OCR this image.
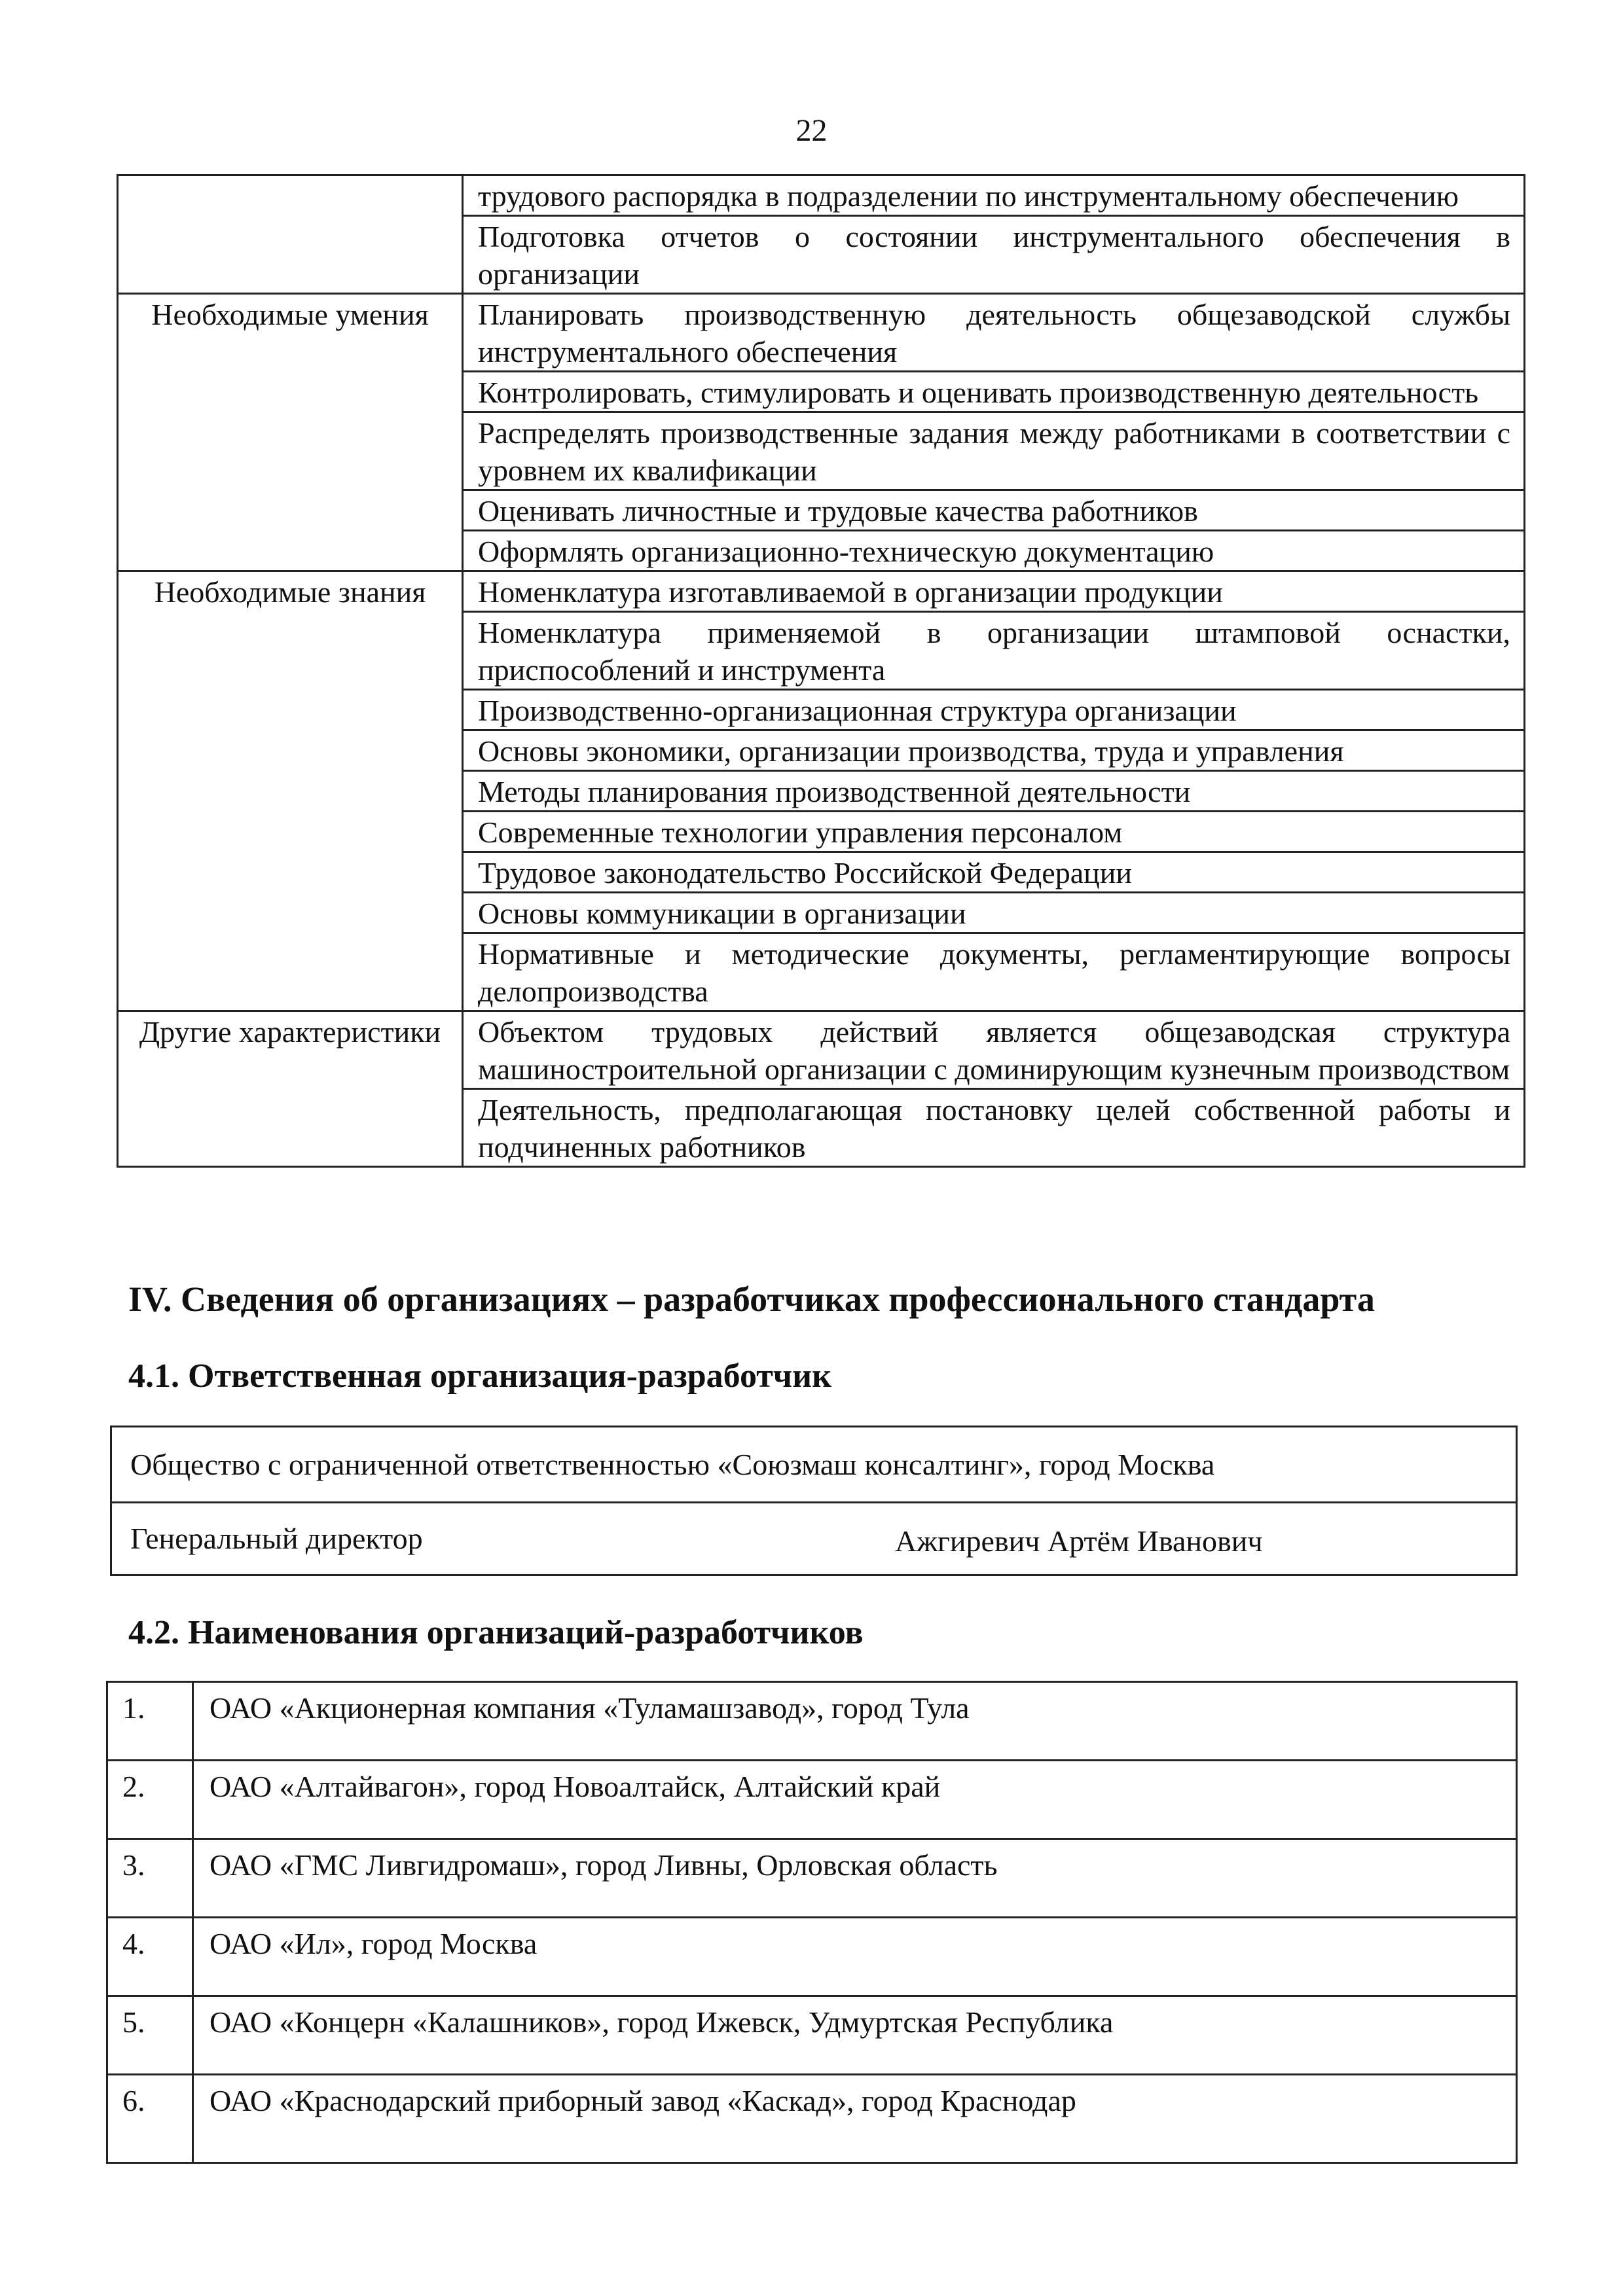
22
	трудового распорядка в подразделении по инструментальному обеспечению
	Подготовка отчетов о состоянии инструментального обеспечения в организации
Необходимые умения	Планировать производственную деятельность общезаводской службы инструментального обеспечения
	Контролировать, стимулировать и оценивать производственную деятельность
	Распределять производственные задания между работниками в соответствии с уровнем их квалификации
	Оценивать личностные и трудовые качества работников
	Оформлять организационно-техническую документацию
Необходимые знания	Номенклатура изготавливаемой в организации продукции
	Номенклатура применяемой в организации штамповой оснастки, приспособлений и инструмента
	Производственно-организационная структура организации
	Основы экономики, организации производства, труда и управления
	Методы планирования производственной деятельности
	Современные технологии управления персоналом
	Трудовое законодательство Российской Федерации
	Основы коммуникации в организации
	Нормативные и методические документы, регламентирующие вопросы делопроизводства
Другие характеристики	Объектом трудовых действий является общезаводская структура машиностроительной организации с доминирующим кузнечным производством
	Деятельность, предполагающая постановку целей собственной работы и подчиненных работников
IV. Сведения об организациях – разработчиках профессионального стандарта
4.1. Ответственная организация-разработчик
Общество с ограниченной ответственностью «Союзмаш консалтинг», город Москва
Генеральный директор	Ажгиревич Артём Иванович
4.2. Наименования организаций-разработчиков
1.	ОАО «Акционерная компания «Туламашзавод», город Тула
2.	ОАО «Алтайвагон», город Новоалтайск, Алтайский край
3.	ОАО «ГМС Ливгидромаш», город Ливны, Орловская область
4.	ОАО «Ил», город Москва
5.	ОАО «Концерн «Калашников», город Ижевск, Удмуртская Республика
6.	ОАО «Краснодарский приборный завод «Каскад», город Краснодар
